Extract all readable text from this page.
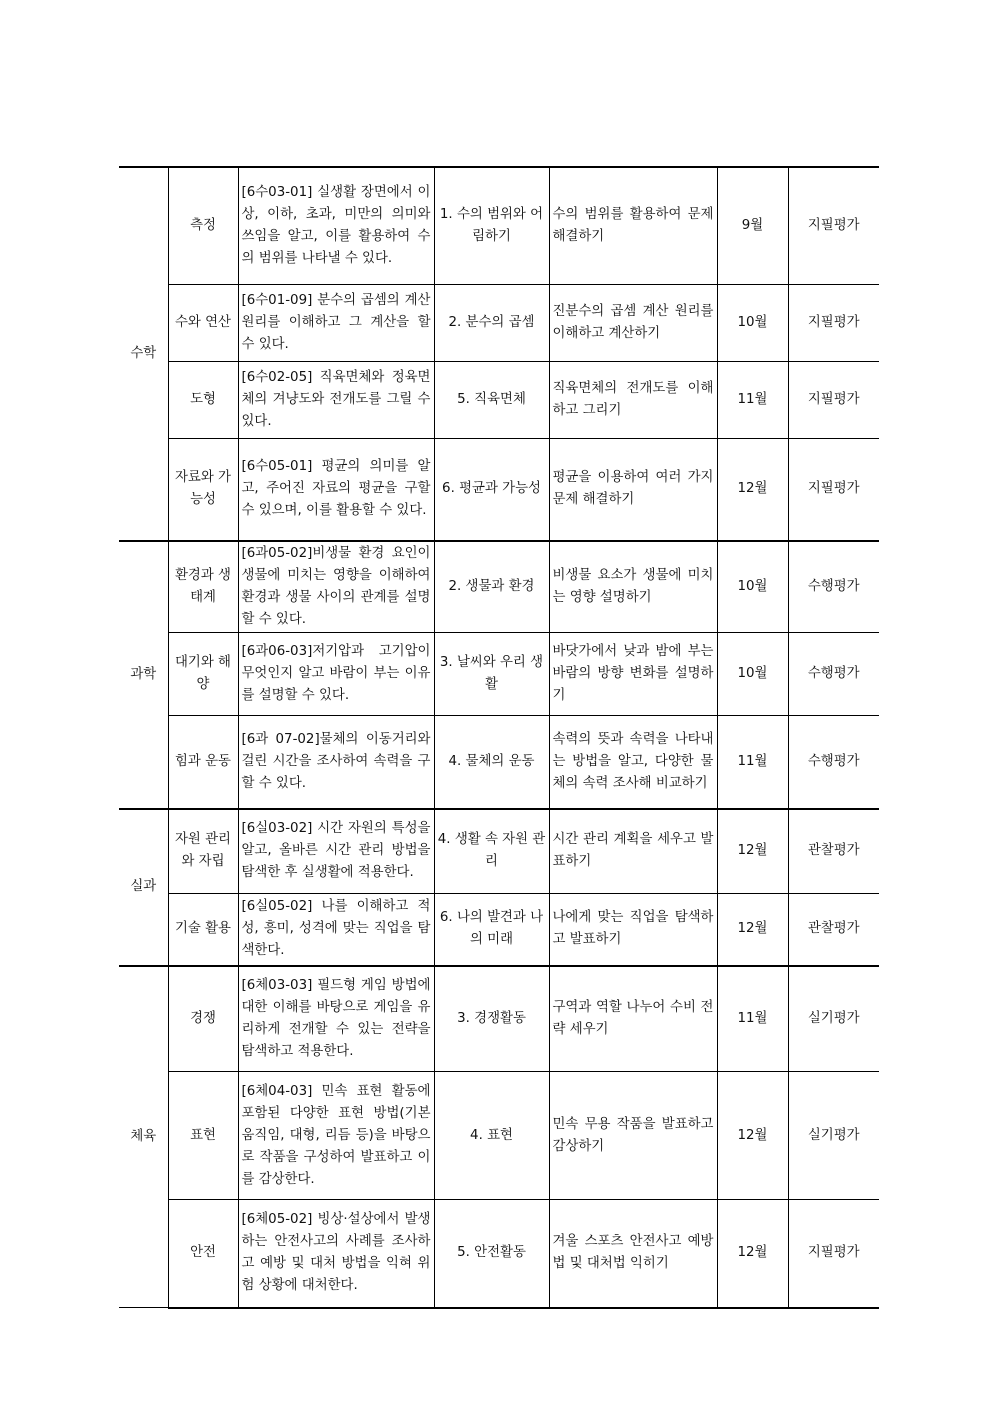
수학	측정	[6수03-01] 실생활 장면에서 이상, 이하, 초과, 미만의 의미와 쓰임을 알고, 이를 활용하여 수의 범위를 나타낼 수 있다.	1. 수의 범위와 어림하기	수의 범위를 활용하여 문제 해결하기	9월	지필평가
	수와 연산	[6수01-09] 분수의 곱셈의 계산 원리를 이해하고 그 계산을 할 수 있다.	2. 분수의 곱셈	진분수의 곱셈 계산 원리를 이해하고 계산하기	10월	지필평가
	도형	[6수02-05] 직육면체와 정육면체의 겨냥도와 전개도를 그릴 수 있다.	5. 직육면체	직육면체의 전개도를 이해하고 그리기	11월	지필평가
	자료와 가능성	[6수05-01] 평균의 의미를 알고, 주어진 자료의 평균을 구할 수 있으며, 이를 활용할 수 있다.	6. 평균과 가능성	평균을 이용하여 여러 가지 문제 해결하기	12월	지필평가
과학	환경과 생태계	[6과05-02]비생물 환경 요인이 생물에 미치는 영향을 이해하여 환경과 생물 사이의 관계를 설명할 수 있다.	2. 생물과 환경	비생물 요소가 생물에 미치는 영향 설명하기	10월	수행평가
	대기와 해양	[6과06-03]저기압과 고기압이 무엇인지 알고 바람이 부는 이유를 설명할 수 있다.	3. 날씨와 우리 생활	바닷가에서 낮과 밤에 부는 바람의 방향 변화를 설명하기	10월	수행평가
	힘과 운동	[6과 07-02]물체의 이동거리와 걸린 시간을 조사하여 속력을 구할 수 있다.	4. 물체의 운동	속력의 뜻과 속력을 나타내는 방법을 알고, 다양한 물체의 속력 조사해 비교하기	11월	수행평가
실과	자원 관리와 자립	[6실03-02] 시간 자원의 특성을 알고, 올바른 시간 관리 방법을 탐색한 후 실생활에 적용한다.	4. 생활 속 자원 관리	시간 관리 계획을 세우고 발표하기	12월	관찰평가
	기술 활용	[6실05-02] 나를 이해하고 적성, 흥미, 성격에 맞는 직업을 탐색한다.	6. 나의 발견과 나의 미래	나에게 맞는 직업을 탐색하고 발표하기	12월	관찰평가
체육	경쟁	[6체03-03] 필드형 게임 방법에 대한 이해를 바탕으로 게임을 유리하게 전개할 수 있는 전략을 탐색하고 적용한다.	3. 경쟁활동	구역과 역할 나누어 수비 전략 세우기	11월	실기평가
	표현	[6체04-03] 민속 표현 활동에 포함된 다양한 표현 방법(기본 움직임, 대형, 리듬 등)을 바탕으로 작품을 구성하여 발표하고 이를 감상한다.	4. 표현	민속 무용 작품을 발표하고 감상하기	12월	실기평가
	안전	[6체05-02] 빙상·설상에서 발생하는 안전사고의 사례를 조사하고 예방 및 대처 방법을 익혀 위험 상황에 대처한다.	5. 안전활동	겨울 스포츠 안전사고 예방법 및 대처법 익히기	12월	지필평가
